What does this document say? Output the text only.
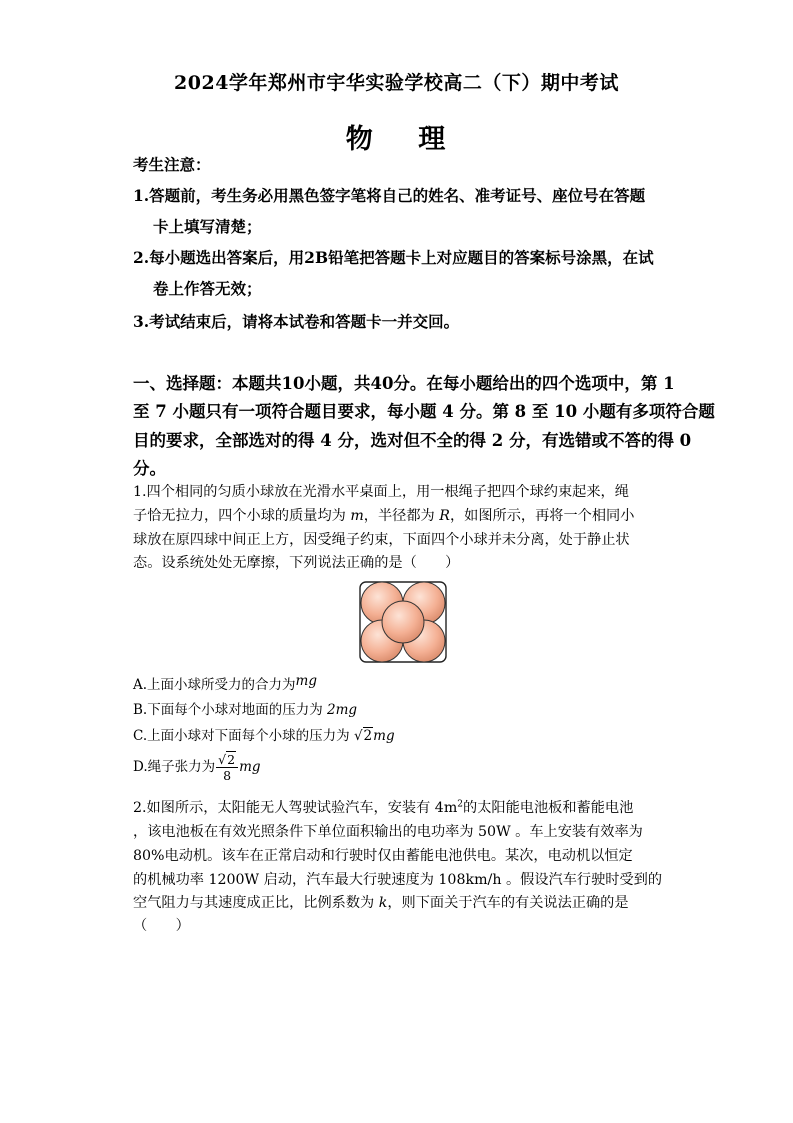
2024学年郑州市宇华实验学校高二（下）期中考试
物 理
考生注意：
1.答题前，考生务必用黑色签字笔将自己的姓名、准考证号、座位号在答题
卡上填写清楚；
2.每小题选出答案后，用2B铅笔把答题卡上对应题目的答案标号涂黑，在试
卷上作答无效；
3.考试结束后，请将本试卷和答题卡一并交回。
一、选择题：本题共10小题，共40分。在每小题给出的四个选项中，第 1
至 7 小题只有一项符合题目要求，每小题 4 分。第 8 至 10 小题有多项符合题
目的要求，全部选对的得 4 分，选对但不全的得 2 分，有选错或不答的得 0
分。
1.四个相同的匀质小球放在光滑水平桌面上，用一根绳子把四个球约束起来，绳
子恰无拉力，四个小球的质量均为 m，半径都为 R，如图所示，再将一个相同小
球放在原四球中间正上方，因受绳子约束，下面四个小球并未分离，处于静止状
态。设系统处处无摩擦，下列说法正确的是（　　）
A.上面小球所受力的合力为mg
B.下面每个小球对地面的压力为 2mg
C.上面小球对下面每个小球的压力为 √2mg
D.绳子张力为 $\frac{√2}{8}$ mg
2.如图所示，太阳能无人驾驶试验汽车，安装有 $4m^2$的太阳能电池板和蓄能电池
，该电池板在有效光照条件下单位面积输出的电功率为 50W 。车上安装有效率为
80%电动机。该车在正常启动和行驶时仅由蓄能电池供电。某次，电动机以恒定
的机械功率 1200W 启动，汽车最大行驶速度为 108km/h 。假设汽车行驶时受到的
空气阻力与其速度成正比，比例系数为 k，则下面关于汽车的有关说法正确的是
（　　）
